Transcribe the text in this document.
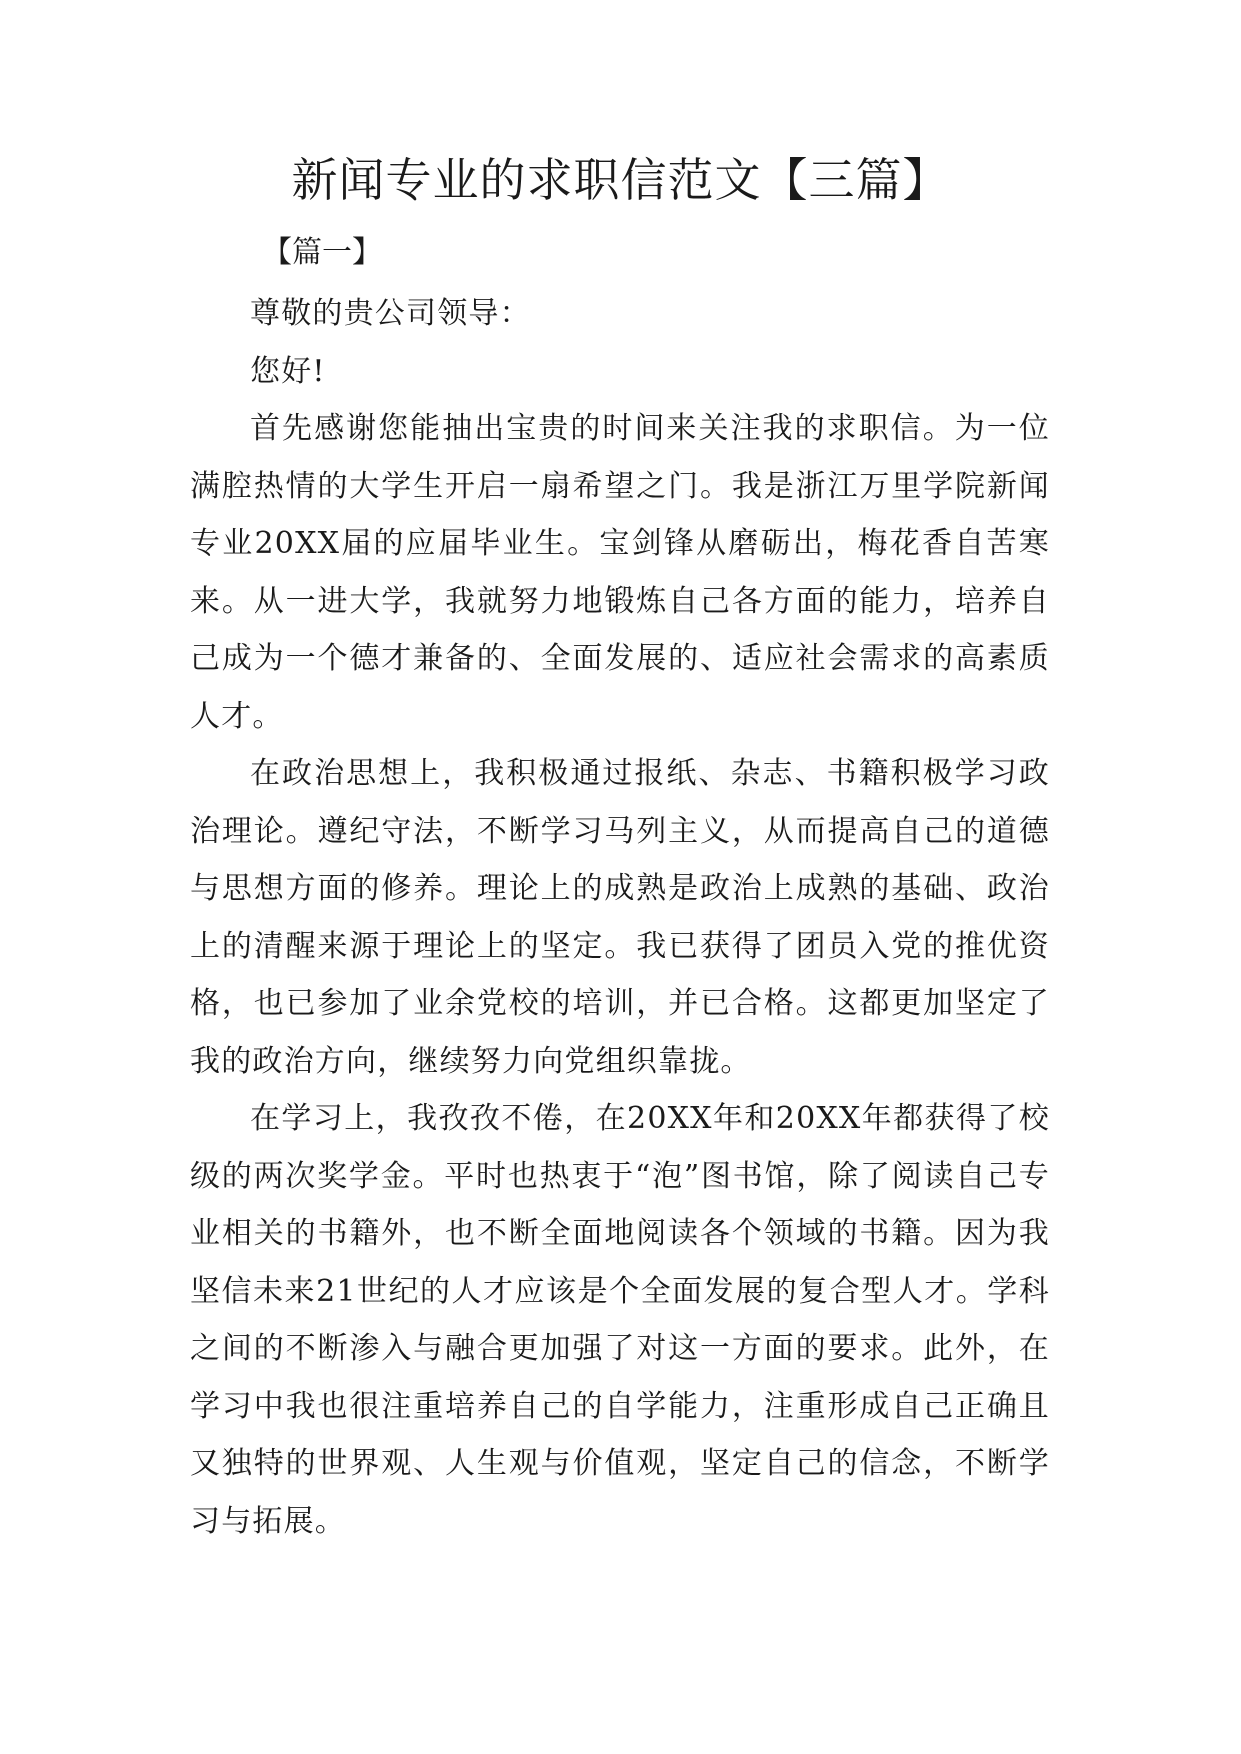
新闻专业的求职信范文【三篇】
【篇一】

尊敬的贵公司领导：

您好!

首先感谢您能抽出宝贵的时间来关注我的求职信。为一位满腔热情的大学生开启一扇希望之门。我是浙江万里学院新闻专业20XX届的应届毕业生。宝剑锋从磨砺出，梅花香自苦寒来。从一进大学，我就努力地锻炼自己各方面的能力，培养自己成为一个德才兼备的、全面发展的、适应社会需求的高素质人才。

在政治思想上，我积极通过报纸、杂志、书籍积极学习政治理论。遵纪守法，不断学习马列主义，从而提高自己的道德与思想方面的修养。理论上的成熟是政治上成熟的基础、政治上的清醒来源于理论上的坚定。我已获得了团员入党的推优资格，也已参加了业余党校的培训，并已合格。这都更加坚定了我的政治方向，继续努力向党组织靠拢。

在学习上，我孜孜不倦，在20XX年和20XX年都获得了校级的两次奖学金。平时也热衷于“泡”图书馆，除了阅读自己专业相关的书籍外，也不断全面地阅读各个领域的书籍。因为我坚信未来21世纪的人才应该是个全面发展的复合型人才。学科之间的不断渗入与融合更加强了对这一方面的要求。此外，在学习中我也很注重培养自己的自学能力，注重形成自己正确且又独特的世界观、人生观与价值观，坚定自己的信念，不断学习与拓展。
